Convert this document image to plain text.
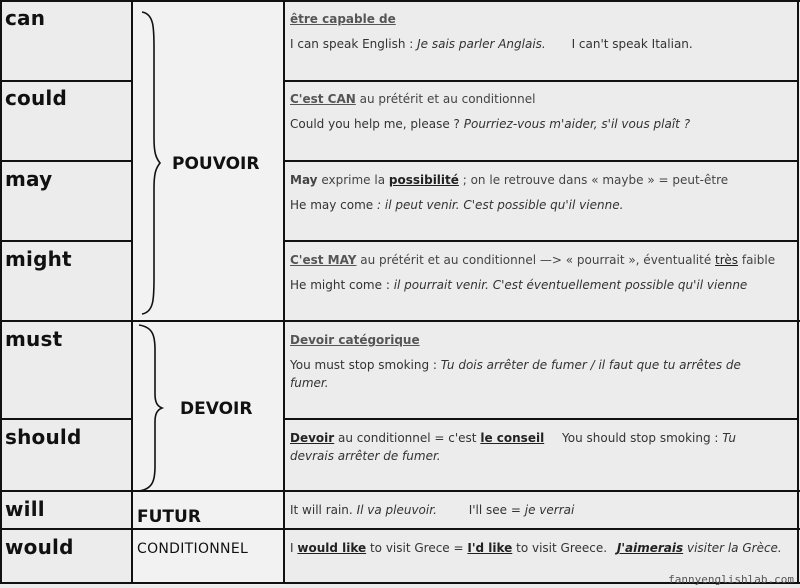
can
could
may
might
must
should
will
would
POUVOIR
DEVOIR
FUTUR
CONDITIONNEL
être capable de
I can speak English : Je sais parler Anglais. I can't speak Italian.
C'est CAN au prétérit et au conditionnel
Could you help me, please ? Pourriez-vous m'aider, s'il vous plaît ?
May exprime la possibilité ; on le retrouve dans « maybe » = peut-être
He may come : il peut venir. C'est possible qu'il vienne.
C'est MAY au prétérit et au conditionnel —> « pourrait », éventualité très faible
He might come : il pourrait venir. C'est éventuellement possible qu'il vienne
Devoir catégorique
You must stop smoking : Tu dois arrêter de fumer / il faut que tu arrêtes de fumer.
Devoir au conditionnel = c'est le conseil You should stop smoking : Tu devrais arrêter de fumer.
It will rain. Il va pleuvoir.	I'll see = je verrai
I would like to visit Grece = I'd like to visit Greece. J'aimerais visiter la Grèce.
fannyenglishlab.com
